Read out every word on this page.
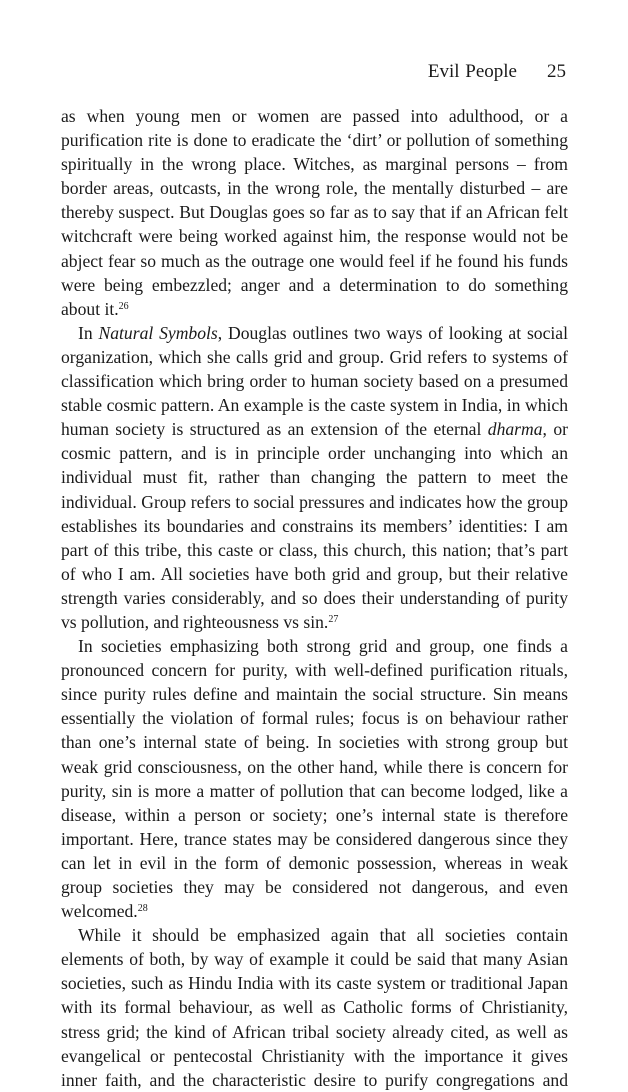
Evil People 25

as when young men or women are passed into adulthood, or a purification rite is done to eradicate the ‘dirt’ or pollution of something spiritually in the wrong place. Witches, as marginal persons – from border areas, outcasts, in the wrong role, the mentally disturbed – are thereby suspect. But Douglas goes so far as to say that if an African felt witchcraft were being worked against him, the response would not be abject fear so much as the outrage one would feel if he found his funds were being embezzled; anger and a determination to do something about it.$^{26}$

In Natural Symbols, Douglas outlines two ways of looking at social organization, which she calls grid and group. Grid refers to systems of classification which bring order to human society based on a presumed stable cosmic pattern. An example is the caste system in India, in which human society is structured as an extension of the eternal dharma, or cosmic pattern, and is in principle order unchanging into which an individual must fit, rather than changing the pattern to meet the individual. Group refers to social pressures and indicates how the group establishes its boundaries and constrains its members’ identities: I am part of this tribe, this caste or class, this church, this nation; that’s part of who I am. All societies have both grid and group, but their relative strength varies considerably, and so does their understanding of purity vs pollution, and righteousness vs sin.$^{27}$

In societies emphasizing both strong grid and group, one finds a pronounced concern for purity, with well-defined purification rituals, since purity rules define and maintain the social structure. Sin means essentially the violation of formal rules; focus is on behaviour rather than one’s internal state of being. In societies with strong group but weak grid consciousness, on the other hand, while there is concern for purity, sin is more a matter of pollution that can become lodged, like a disease, within a person or society; one’s internal state is therefore important. Here, trance states may be considered dangerous since they can let in evil in the form of demonic possession, whereas in weak group societies they may be considered not dangerous, and even welcomed.$^{28}$

While it should be emphasized again that all societies contain elements of both, by way of example it could be said that many Asian societies, such as Hindu India with its caste system or traditional Japan with its formal behaviour, as well as Catholic forms of Christianity, stress grid; the kind of African tribal society already cited, as well as evangelical or pentecostal Christianity with the importance it gives inner faith, and the characteristic desire to purify congregations and
